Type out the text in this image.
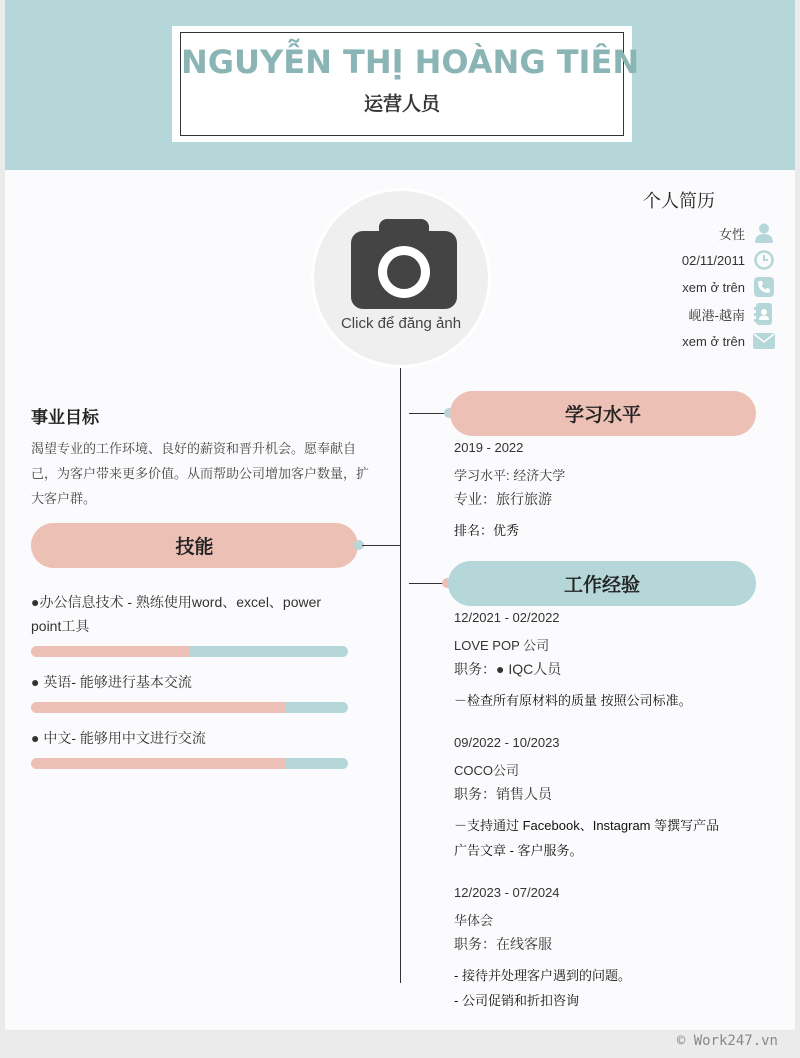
NGUYỄN THỊ HOÀNG TIÊN
运营人员
Click để đăng ảnh
个人简历
女性
02/11/2011
xem ở trên
岘港-越南
xem ở trên
事业目标
渴望专业的工作环境、良好的薪资和晋升机会。愿奉献自
己，为客户带来更多价值。从而帮助公司增加客户数量，扩
大客户群。
技能
●办公信息技术 - 熟练使用word、excel、power
point工具
● 英语- 能够进行基本交流
● 中文- 能够用中文进行交流
学习水平
2019 - 2022
学习水平: 经济大学
专业：旅行旅游
排名：优秀
工作经验
12/2021 - 02/2022
LOVE POP 公司
职务：● IQC人员
－检查所有原材料的质量 按照公司标准。
09/2022 - 10/2023
COCO公司
职务：销售人员
－支持通过 Facebook、Instagram 等撰写产品
广告文章 - 客户服务。
12/2023 - 07/2024
华体会
职务：在线客服
- 接待并处理客户遇到的问题。
- 公司促销和折扣咨询
© Work247.vn
